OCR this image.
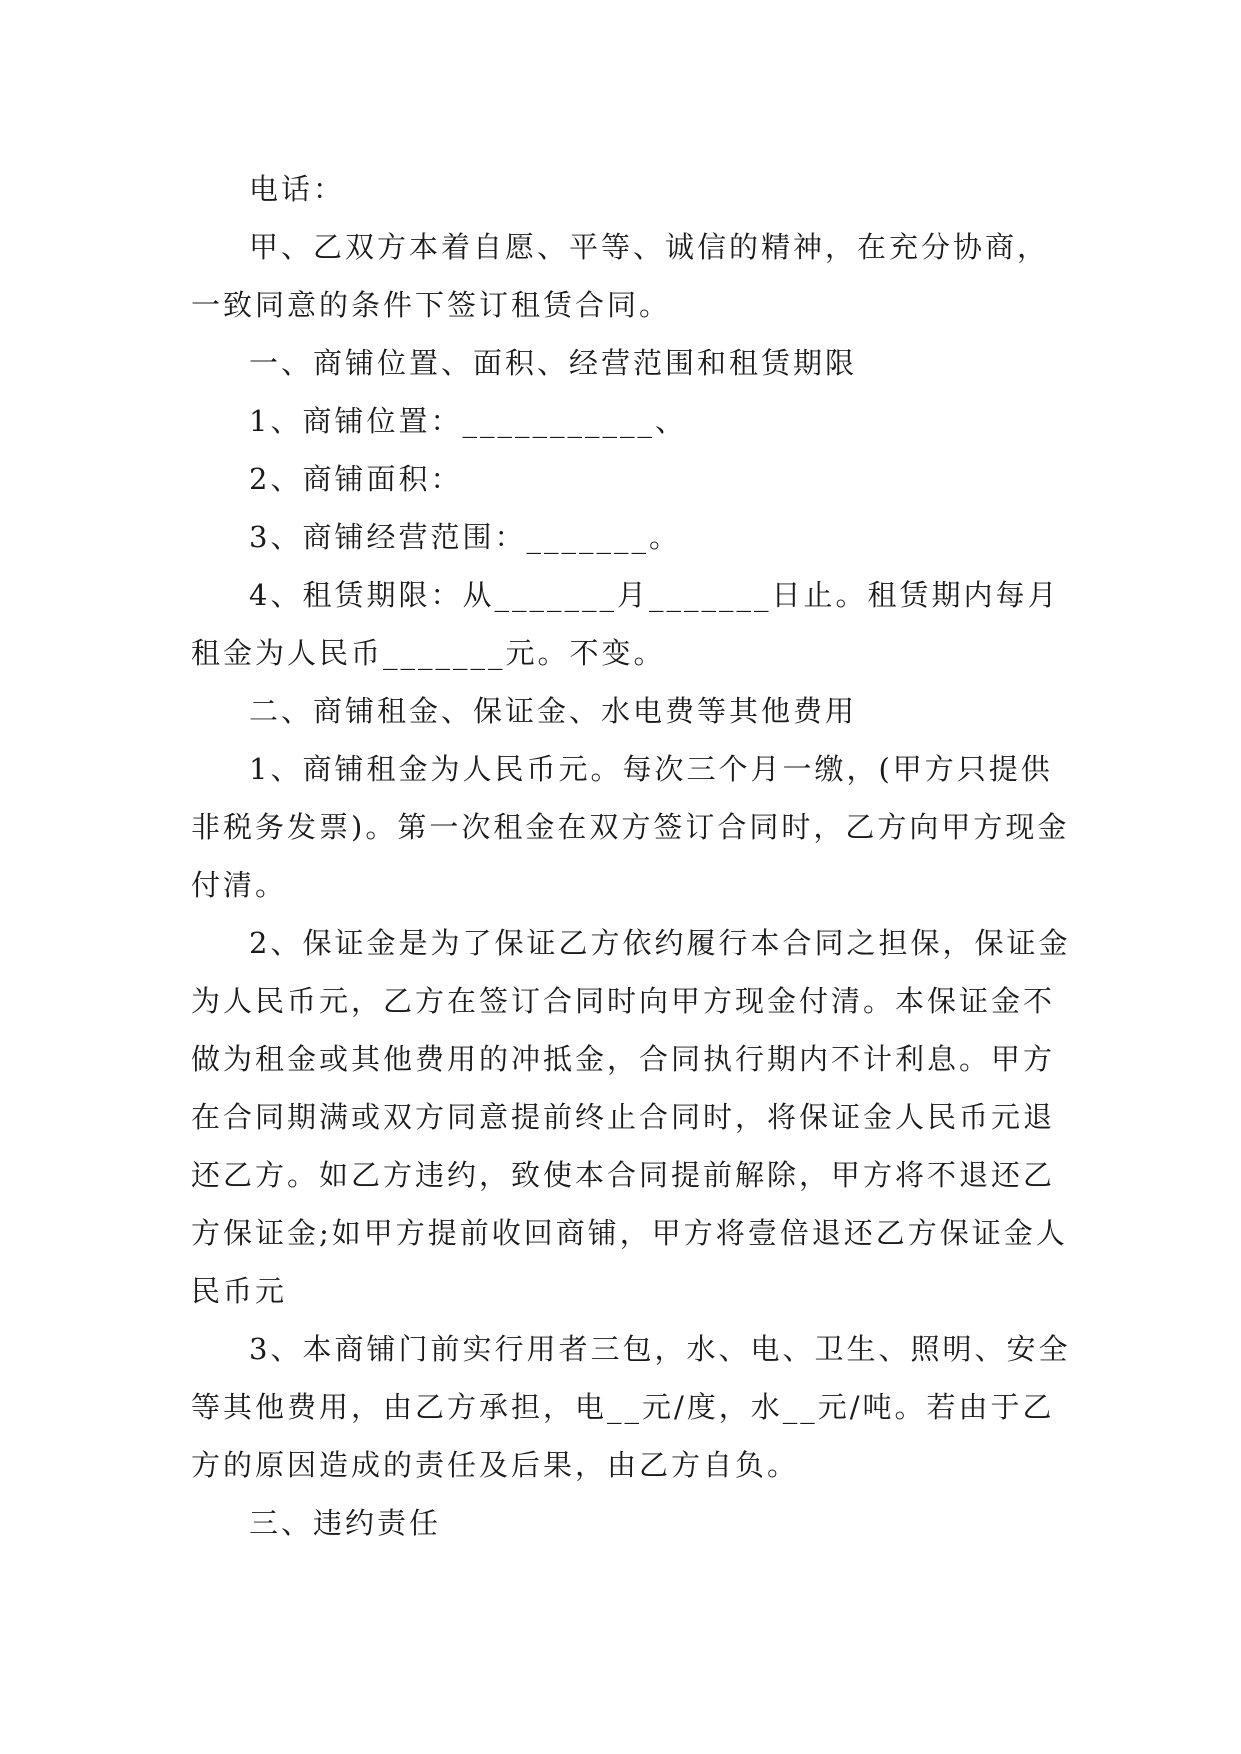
电话：

甲、乙双方本着自愿、平等、诚信的精神，在充分协商，一致同意的条件下签订租赁合同。

一、商铺位置、面积、经营范围和租赁期限

1、商铺位置：___________、

2、商铺面积：

3、商铺经营范围：_______。

4、租赁期限：从_______月_______日止。租赁期内每月租金为人民币_______元。不变。

二、商铺租金、保证金、水电费等其他费用

1、商铺租金为人民币元。每次三个月一缴，(甲方只提供非税务发票)。第一次租金在双方签订合同时，乙方向甲方现金付清。

2、保证金是为了保证乙方依约履行本合同之担保，保证金为人民币元，乙方在签订合同时向甲方现金付清。本保证金不做为租金或其他费用的冲抵金，合同执行期内不计利息。甲方在合同期满或双方同意提前终止合同时，将保证金人民币元退还乙方。如乙方违约，致使本合同提前解除，甲方将不退还乙方保证金;如甲方提前收回商铺，甲方将壹倍退还乙方保证金人民币元

3、本商铺门前实行用者三包，水、电、卫生、照明、安全等其他费用，由乙方承担，电__元/度，水__元/吨。若由于乙方的原因造成的责任及后果，由乙方自负。

三、违约责任
